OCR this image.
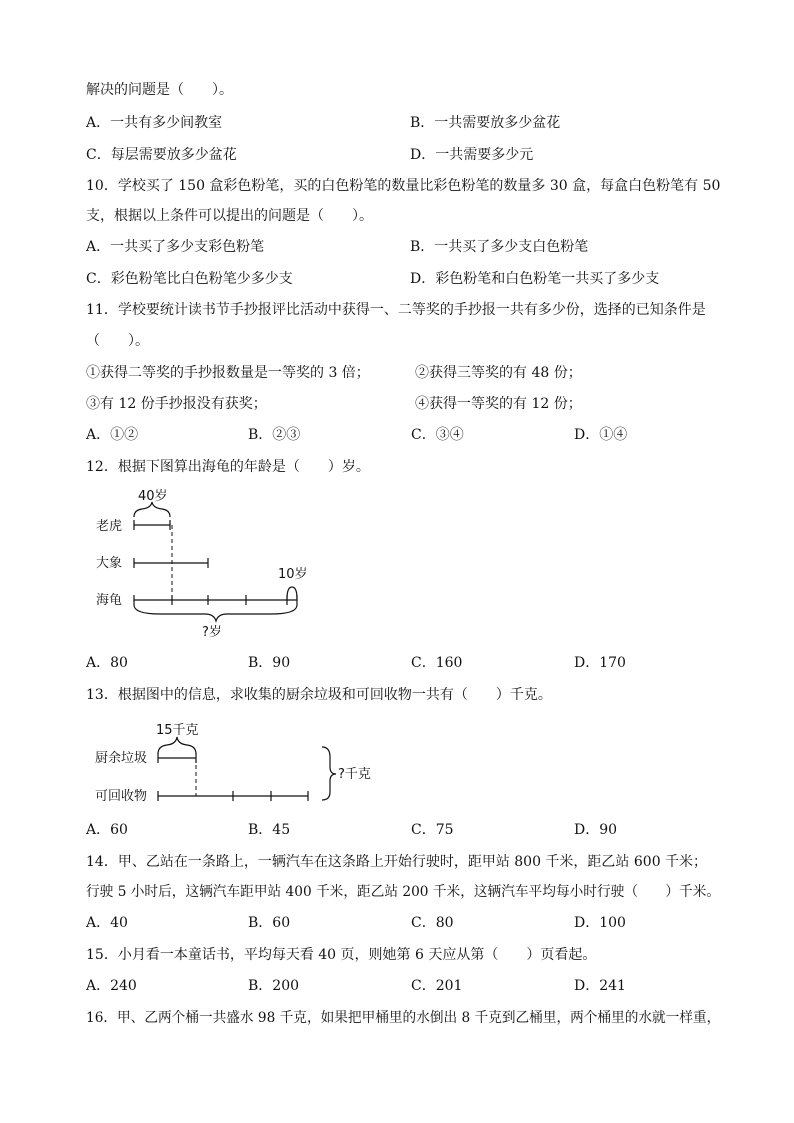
解决的问题是（　　）。
A．一共有多少间教室	B．一共需要放多少盆花
C．每层需要放多少盆花	D．一共需要多少元
10．学校买了 150 盒彩色粉笔，买的白色粉笔的数量比彩色粉笔的数量多 30 盒，每盒白色粉笔有 50
支，根据以上条件可以提出的问题是（　　）。
A．一共买了多少支彩色粉笔	B．一共买了多少支白色粉笔
C．彩色粉笔比白色粉笔少多少支	D．彩色粉笔和白色粉笔一共买了多少支
11．学校要统计读书节手抄报评比活动中获得一、二等奖的手抄报一共有多少份，选择的已知条件是
（　　）。
①获得二等奖的手抄报数量是一等奖的 3 倍；	②获得三等奖的有 48 份；
③有 12 份手抄报没有获奖；	④获得一等奖的有 12 份；
A．①②	B．②③	C．③④	D．①④
12．根据下图算出海龟的年龄是（　　）岁。
40岁
老虎
大象
10岁
海龟
?岁
A．80	B．90	C．160	D．170
13．根据图中的信息，求收集的厨余垃圾和可回收物一共有（　　）千克。
15千克
厨余垃圾
可回收物
?千克
A．60	B．45	C．75	D．90
14．甲、乙站在一条路上，一辆汽车在这条路上开始行驶时，距甲站 800 千米，距乙站 600 千米；
行驶 5 小时后，这辆汽车距甲站 400 千米，距乙站 200 千米，这辆汽车平均每小时行驶（　　）千米。
A．40	B．60	C．80	D．100
15．小月看一本童话书，平均每天看 40 页，则她第 6 天应从第（　　）页看起。
A．240	B．200	C．201	D．241
16．甲、乙两个桶一共盛水 98 千克，如果把甲桶里的水倒出 8 千克到乙桶里，两个桶里的水就一样重，
